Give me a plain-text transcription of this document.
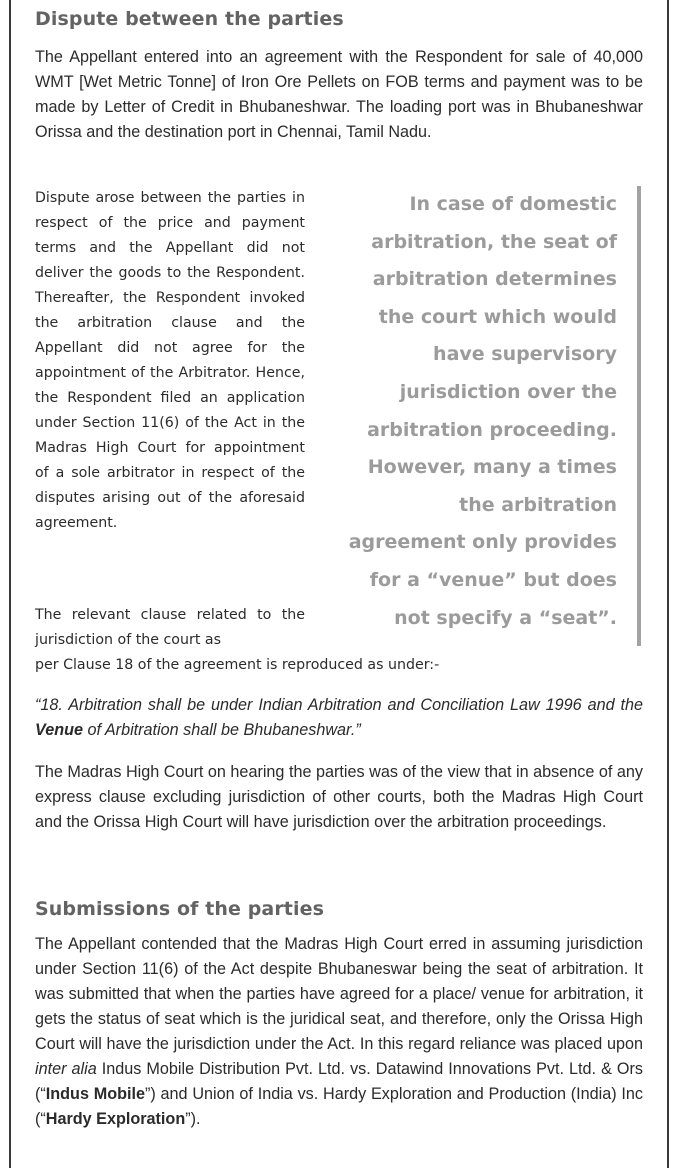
Dispute between the parties

The Appellant entered into an agreement with the Respondent for sale of 40,000 WMT [Wet Metric Tonne] of Iron Ore Pellets on FOB terms and payment was to be made by Letter of Credit in Bhubaneshwar. The loading port was in Bhubaneshwar Orissa and the destination port in Chennai, Tamil Nadu.

Dispute arose between the parties in respect of the price and payment terms and the Appellant did not deliver the goods to the Respondent. Thereafter, the Respondent invoked the arbitration clause and the Appellant did not agree for the appointment of the Arbitrator. Hence, the Respondent filed an application under Section 11(6) of the Act in the Madras High Court for appointment of a sole arbitrator in respect of the disputes arising out of the aforesaid agreement.

The relevant clause related to the jurisdiction of the court as

per Clause 18 of the agreement is reproduced as under:-

In case of domestic
arbitration, the seat of
arbitration determines
the court which would
have supervisory
jurisdiction over the
arbitration proceeding.
However, many a times
the arbitration
agreement only provides
for a “venue” but does
not specify a “seat”.

“18. Arbitration shall be under Indian Arbitration and Conciliation Law 1996 and the Venue of Arbitration shall be Bhubaneshwar.”

The Madras High Court on hearing the parties was of the view that in absence of any express clause excluding jurisdiction of other courts, both the Madras High Court and the Orissa High Court will have jurisdiction over the arbitration proceedings.

Submissions of the parties

The Appellant contended that the Madras High Court erred in assuming jurisdiction under Section 11(6) of the Act despite Bhubaneswar being the seat of arbitration. It was submitted that when the parties have agreed for a place/ venue for arbitration, it gets the status of seat which is the juridical seat, and therefore, only the Orissa High Court will have the jurisdiction under the Act. In this regard reliance was placed upon inter alia Indus Mobile Distribution Pvt. Ltd. vs. Datawind Innovations Pvt. Ltd. & Ors (“Indus Mobile”) and Union of India vs. Hardy Exploration and Production (India) Inc (“Hardy Exploration”).
